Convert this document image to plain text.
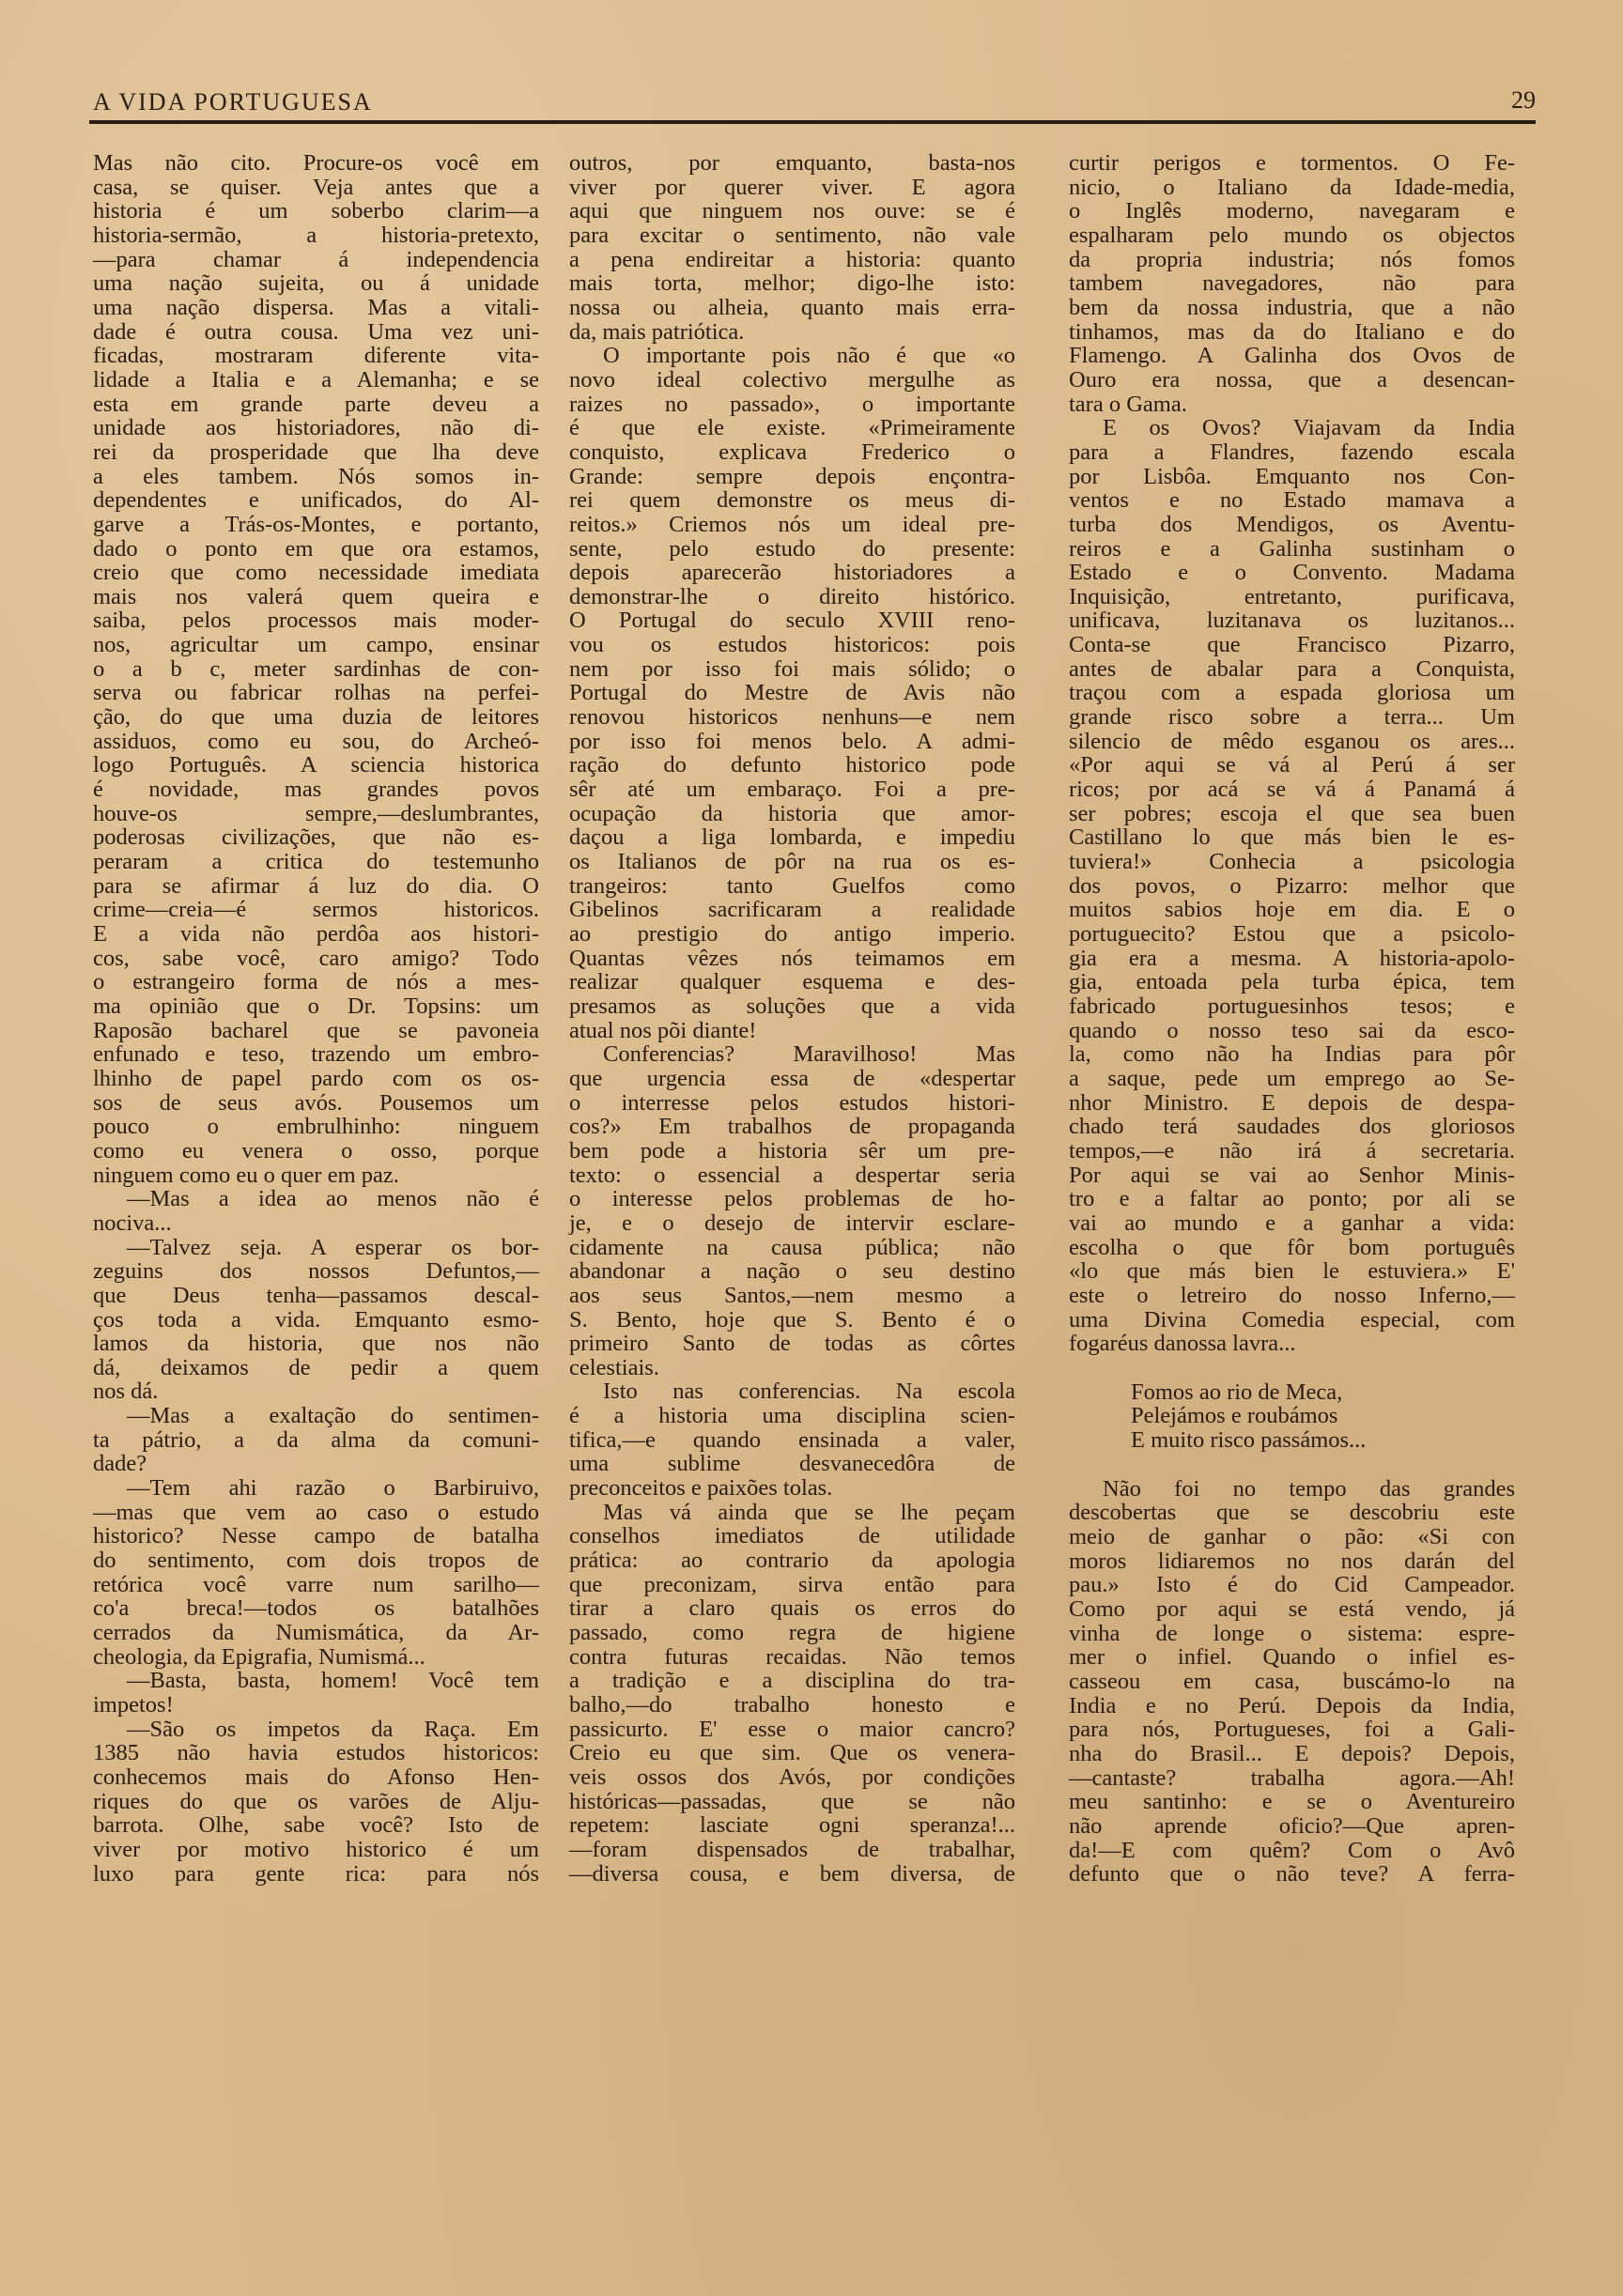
A VIDA PORTUGUESA	29
Mas não cito. Procure-os você em
casa, se quiser. Veja antes que a
historia é um soberbo clarim—a
historia-sermão, a historia-pretexto,
—para chamar á independencia
uma nação sujeita, ou á unidade
uma nação dispersa. Mas a vitali-
dade é outra cousa. Uma vez uni-
ficadas, mostraram diferente vita-
lidade a Italia e a Alemanha; e se
esta em grande parte deveu a
unidade aos historiadores, não di-
rei da prosperidade que lha deve
a eles tambem. Nós somos in-
dependentes e unificados, do Al-
garve a Trás-os-Montes, e portanto,
dado o ponto em que ora estamos,
creio que como necessidade imediata
mais nos valerá quem queira e
saiba, pelos processos mais moder-
nos, agricultar um campo, ensinar
o a b c, meter sardinhas de con-
serva ou fabricar rolhas na perfei-
ção, do que uma duzia de leitores
assiduos, como eu sou, do Archeó-
logo Português. A sciencia historica
é novidade, mas grandes povos
houve-os sempre,—deslumbrantes,
poderosas civilizações, que não es-
peraram a critica do testemunho
para se afirmar á luz do dia. O
crime—creia—é sermos historicos.
E a vida não perdôa aos histori-
cos, sabe você, caro amigo? Todo
o estrangeiro forma de nós a mes-
ma opinião que o Dr. Topsins: um
Raposão bacharel que se pavoneia
enfunado e teso, trazendo um embro-
lhinho de papel pardo com os os-
sos de seus avós. Pousemos um
pouco o embrulhinho: ninguem
como eu venera o osso, porque
ninguem como eu o quer em paz.
—Mas a idea ao menos não é
nociva...
—Talvez seja. A esperar os bor-
zeguins dos nossos Defuntos,—
que Deus tenha—passamos descal-
ços toda a vida. Emquanto esmo-
lamos da historia, que nos não
dá, deixamos de pedir a quem
nos dá.
—Mas a exaltação do sentimen-
ta pátrio, a da alma da comuni-
dade?
—Tem ahi razão o Barbiruivo,
—mas que vem ao caso o estudo
historico? Nesse campo de batalha
do sentimento, com dois tropos de
retórica você varre num sarilho—
co'a breca!—todos os batalhões
cerrados da Numismática, da Ar-
cheologia, da Epigrafia, Numismá...
—Basta, basta, homem! Você tem
impetos!
—São os impetos da Raça. Em
1385 não havia estudos historicos:
conhecemos mais do Afonso Hen-
riques do que os varões de Alju-
barrota. Olhe, sabe você? Isto de
viver por motivo historico é um
luxo para gente rica: para nós
outros, por emquanto, basta-nos
viver por querer viver. E agora
aqui que ninguem nos ouve: se é
para excitar o sentimento, não vale
a pena endireitar a historia: quanto
mais torta, melhor; digo-lhe isto:
nossa ou alheia, quanto mais erra-
da, mais patriótica.
O importante pois não é que «o
novo ideal colectivo mergulhe as
raizes no passado», o importante
é que ele existe. «Primeiramente
conquisto, explicava Frederico o
Grande: sempre depois ençontra-
rei quem demonstre os meus di-
reitos.» Criemos nós um ideal pre-
sente, pelo estudo do presente:
depois aparecerão historiadores a
demonstrar-lhe o direito histórico.
O Portugal do seculo XVIII reno-
vou os estudos historicos: pois
nem por isso foi mais sólido; o
Portugal do Mestre de Avis não
renovou historicos nenhuns—e nem
por isso foi menos belo. A admi-
ração do defunto historico pode
sêr até um embaraço. Foi a pre-
ocupação da historia que amor-
daçou a liga lombarda, e impediu
os Italianos de pôr na rua os es-
trangeiros: tanto Guelfos como
Gibelinos sacrificaram a realidade
ao prestigio do antigo imperio.
Quantas vêzes nós teimamos em
realizar qualquer esquema e des-
presamos as soluções que a vida
atual nos põi diante!
Conferencias? Maravilhoso! Mas
que urgencia essa de «despertar
o interresse pelos estudos histori-
cos?» Em trabalhos de propaganda
bem pode a historia sêr um pre-
texto: o essencial a despertar seria
o interesse pelos problemas de ho-
je, e o desejo de intervir esclare-
cidamente na causa pública; não
abandonar a nação o seu destino
aos seus Santos,—nem mesmo a
S. Bento, hoje que S. Bento é o
primeiro Santo de todas as côrtes
celestiais.
Isto nas conferencias. Na escola
é a historia uma disciplina scien-
tifica,—e quando ensinada a valer,
uma sublime desvanecedôra de
preconceitos e paixões tolas.
Mas vá ainda que se lhe peçam
conselhos imediatos de utilidade
prática: ao contrario da apologia
que preconizam, sirva então para
tirar a claro quais os erros do
passado, como regra de higiene
contra futuras recaidas. Não temos
a tradição e a disciplina do tra-
balho,—do trabalho honesto e
passicurto. E' esse o maior cancro?
Creio eu que sim. Que os venera-
veis ossos dos Avós, por condições
históricas—passadas, que se não
repetem: lasciate ogni speranza!...
—foram dispensados de trabalhar,
—diversa cousa, e bem diversa, de
curtir perigos e tormentos. O Fe-
nicio, o Italiano da Idade-media,
o Inglês moderno, navegaram e
espalharam pelo mundo os objectos
da propria industria; nós fomos
tambem navegadores, não para
bem da nossa industria, que a não
tinhamos, mas da do Italiano e do
Flamengo. A Galinha dos Ovos de
Ouro era nossa, que a desencan-
tara o Gama.
E os Ovos? Viajavam da India
para a Flandres, fazendo escala
por Lisbôa. Emquanto nos Con-
ventos e no Estado mamava a
turba dos Mendigos, os Aventu-
reiros e a Galinha sustinham o
Estado e o Convento. Madama
Inquisição, entretanto, purificava,
unificava, luzitanava os luzitanos...
Conta-se que Francisco Pizarro,
antes de abalar para a Conquista,
traçou com a espada gloriosa um
grande risco sobre a terra... Um
silencio de mêdo esganou os ares...
«Por aqui se vá al Perú á ser
ricos; por acá se vá á Panamá á
ser pobres; escoja el que sea buen
Castillano lo que más bien le es-
tuviera!» Conhecia a psicologia
dos povos, o Pizarro: melhor que
muitos sabios hoje em dia. E o
portuguecito? Estou que a psicolo-
gia era a mesma. A historia-apolo-
gia, entoada pela turba épica, tem
fabricado portuguesinhos tesos; e
quando o nosso teso sai da esco-
la, como não ha Indias para pôr
a saque, pede um emprego ao Se-
nhor Ministro. E depois de despa-
chado terá saudades dos gloriosos
tempos,—e não irá á secretaria.
Por aqui se vai ao Senhor Minis-
tro e a faltar ao ponto; por ali se
vai ao mundo e a ganhar a vida:
escolha o que fôr bom português
«lo que más bien le estuviera.» E'
este o letreiro do nosso Inferno,—
uma Divina Comedia especial, com
fogaréus danossa lavra...
Fomos ao rio de Meca,
Pelejámos e roubámos
E muito risco passámos...
Não foi no tempo das grandes
descobertas que se descobriu este
meio de ganhar o pão: «Si con
moros lidiaremos no nos darán del
pau.» Isto é do Cid Campeador.
Como por aqui se está vendo, já
vinha de longe o sistema: espre-
mer o infiel. Quando o infiel es-
casseou em casa, buscámo-lo na
India e no Perú. Depois da India,
para nós, Portugueses, foi a Gali-
nha do Brasil... E depois? Depois,
—cantaste? trabalha agora.—Ah!
meu santinho: e se o Aventureiro
não aprende oficio?—Que apren-
da!—E com quêm? Com o Avô
defunto que o não teve? A ferra-
